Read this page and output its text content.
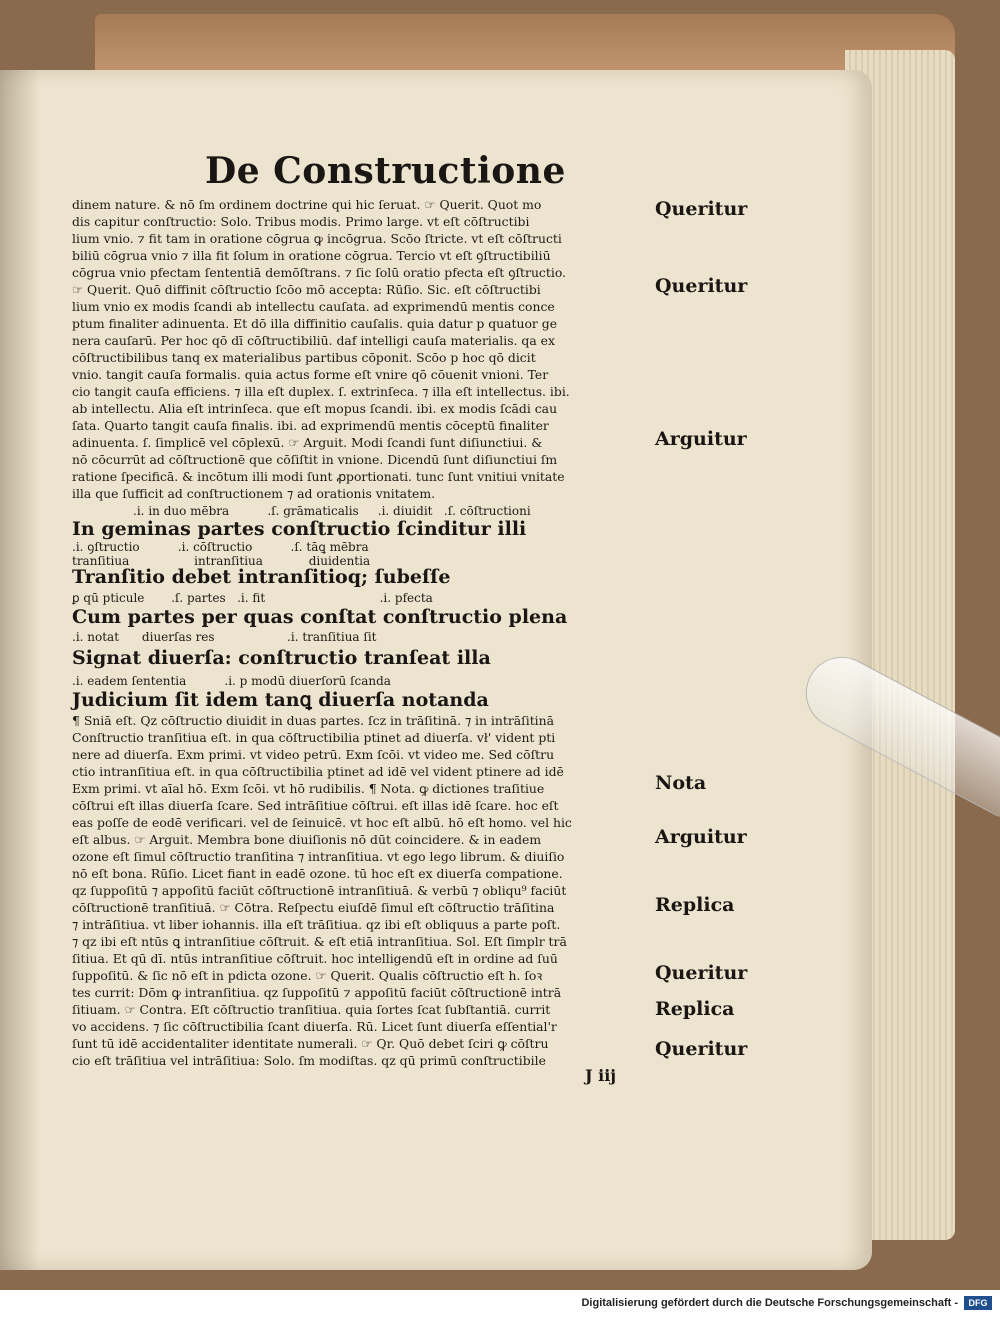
De Constructione
dinem nature. & nō ſm ordinem doctrine qui hic ſeruat. ☞ Querit. Quot mo
dis capitur conſtructio: Solo. Tribus modis. Primo large. vt eſt cōſtructibi
lium vnio. ⁊ fit tam in oratione cōgrua ꝙ incōgrua. Scōo ſtricte. vt eſt cōſtructi
biliū cōgrua vnio ⁊ illa fit ſolum in oratione cōgrua. Tercio vt eſt ꝯſtructibiliū
cōgrua vnio pfectam ſententiā demōſtrans. ⁊ ſic ſolū oratio pfecta eſt ꝯſtructio.
☞ Querit. Quō diffinit cōſtructio ſcōo mō accepta: Rūſio. Sic. eſt cōſtructibi
lium vnio ex modis ſcandi ab intellectu cauſata. ad exprimendū mentis conce
ptum finaliter adinuenta. Et dō illa diffinitio cauſalis. quia datur p quatuor ge
nera cauſarū. Per hoc qō dī cōſtructibiliū. daf intelligi cauſa materialis. qa ex
cōſtructibilibus tanq ex materialibus partibus cōponit. Scōo p hoc qō dicit
vnio. tangit cauſa formalis. quia actus forme eſt vnire qō cōuenit vnioni. Ter
cio tangit cauſa efficiens. ⁊ illa eſt duplex. ſ. extrinſeca. ⁊ illa eſt intellectus. ibi.
ab intellectu. Alia eſt intrinſeca. que eſt mopus ſcandi. ibi. ex modis ſcādi cau
ſata. Quarto tangit cauſa finalis. ibi. ad exprimendū mentis cōceptū finaliter
adinuenta. ſ. ſimplicē vel cōplexū. ☞ Arguit. Modi ſcandi ſunt diſiunctiui. &
nō cōcurrūt ad cōſtructionē que cōſiſtit in vnione. Dicendū ſunt diſiunctiui ſm
ratione ſpecificā. & incōtum illi modi ſunt ꝓportionati. tunc ſunt vnitiui vnitate
illa que ſufficit ad conſtructionem ⁊ ad orationis vnitatem.
.i. in duo mēbra          .ſ. grāmaticalis     .i. diuidit   .ſ. cōſtructioni
In geminas partes conſtructio ſcinditur illi
.i. ꝯſtructio          .i. cōſtructio          .ſ. tāꝗ mēbra
tranſitiua                 intranſitiua            diuidentia
Tranſitio debet intranſitioq; ſubeſſe
ꝑ qū pticule       .ſ. partes   .i. fit                              .i. pfecta
Cum partes per quas conſtat conſtructio plena
.i. notat      diuerſas res                   .i. tranſitiua ſit
Signat diuerſa: conſtructio tranſeat illa
.i. eadem ſententia          .i. p modū diuerſorū ſcanda
Judicium ſit idem tanꝗ diuerſa notanda
¶ Sniā eſt. Qz cōſtructio diuidit in duas partes. ſcz in trāſitinā. ⁊ in intrāſitinā
Conſtructio tranſitiua eſt. in qua cōſtructibilia ptinet ad diuerſa. vł' vident pti
nere ad diuerſa. Exm primi. vt video petrū. Exm ſcōi. vt video me. Sed cōſtru
ctio intranſitiua eſt. in qua cōſtructibilia ptinet ad idē vel vident ptinere ad idē
Exm primi. vt aīal hō. Exm ſcōi. vt hō rudibilis. ¶ Nota. ꝙ dictiones traſitiue
cōſtrui eſt illas diuerſa ſcare. Sed intrāſitiue cōſtrui. eſt illas idē ſcare. hoc eſt
eas poſſe de eodē verificari. vel de ſeinuicē. vt hoc eſt albū. hō eſt homo. vel hic
eſt albus. ☞ Arguit. Membra bone diuiſionis nō dūt coincidere. & in eadem
ozone eſt ſimul cōſtructio tranſitina ⁊ intranſitiua. vt ego lego librum. & diuiſio
nō eſt bona. Rūſio. Licet fiant in eadē ozone. tū hoc eſt ex diuerſa compatione.
qz ſuppoſitū ⁊ appoſitū faciūt cōſtructionē intranſitiuā. & verbū ⁊ obliqu⁹ faciūt
cōſtructionē tranſitiuā. ☞ Cōtra. Reſpectu eiuſdē ſimul eſt cōſtructio trāſitina
⁊ intrāſitiua. vt liber iohannis. illa eſt trāſitiua. qz ibi eſt obliquus a parte poſt.
⁊ qz ibi eſt ntūs ꝗ intranſitiue cōſtruit. & eſt etiā intranſitiua. Sol. Eſt ſimplr trā
ſitiua. Et qū dī. ntūs intranſitiue cōſtruit. hoc intelligendū eſt in ordine ad ſuū
ſuppoſitū. & ſic nō eſt in pdicta ozone. ☞ Querit. Qualis cōſtructio eſt h. ſoꝛ
tes currit: Dōm ꝙ intranſitiua. qz ſuppoſitū ⁊ appoſitū faciūt cōſtructionē intrā
ſitiuam. ☞ Contra. Eſt cōſtructio tranſitiua. quia ſortes ſcat ſubſtantiā. currit
vo accidens. ⁊ ſic cōſtructibilia ſcant diuerſa. Rū. Licet ſunt diuerſa eſſential'r
ſunt tū idē accidentaliter identitate numerali. ☞ Qr. Quō debet ſciri ꝙ cōſtru
cio eſt trāſitiua vel intrāſitiua: Solo. ſm modiſtas. qz qū primū conſtructibile
J iij
Queritur
Queritur
Arguitur
Nota
Arguitur
Replica
Queritur
Replica
Queritur
Digitalisierung gefördert durch die Deutsche Forschungsgemeinschaft -	DFG
